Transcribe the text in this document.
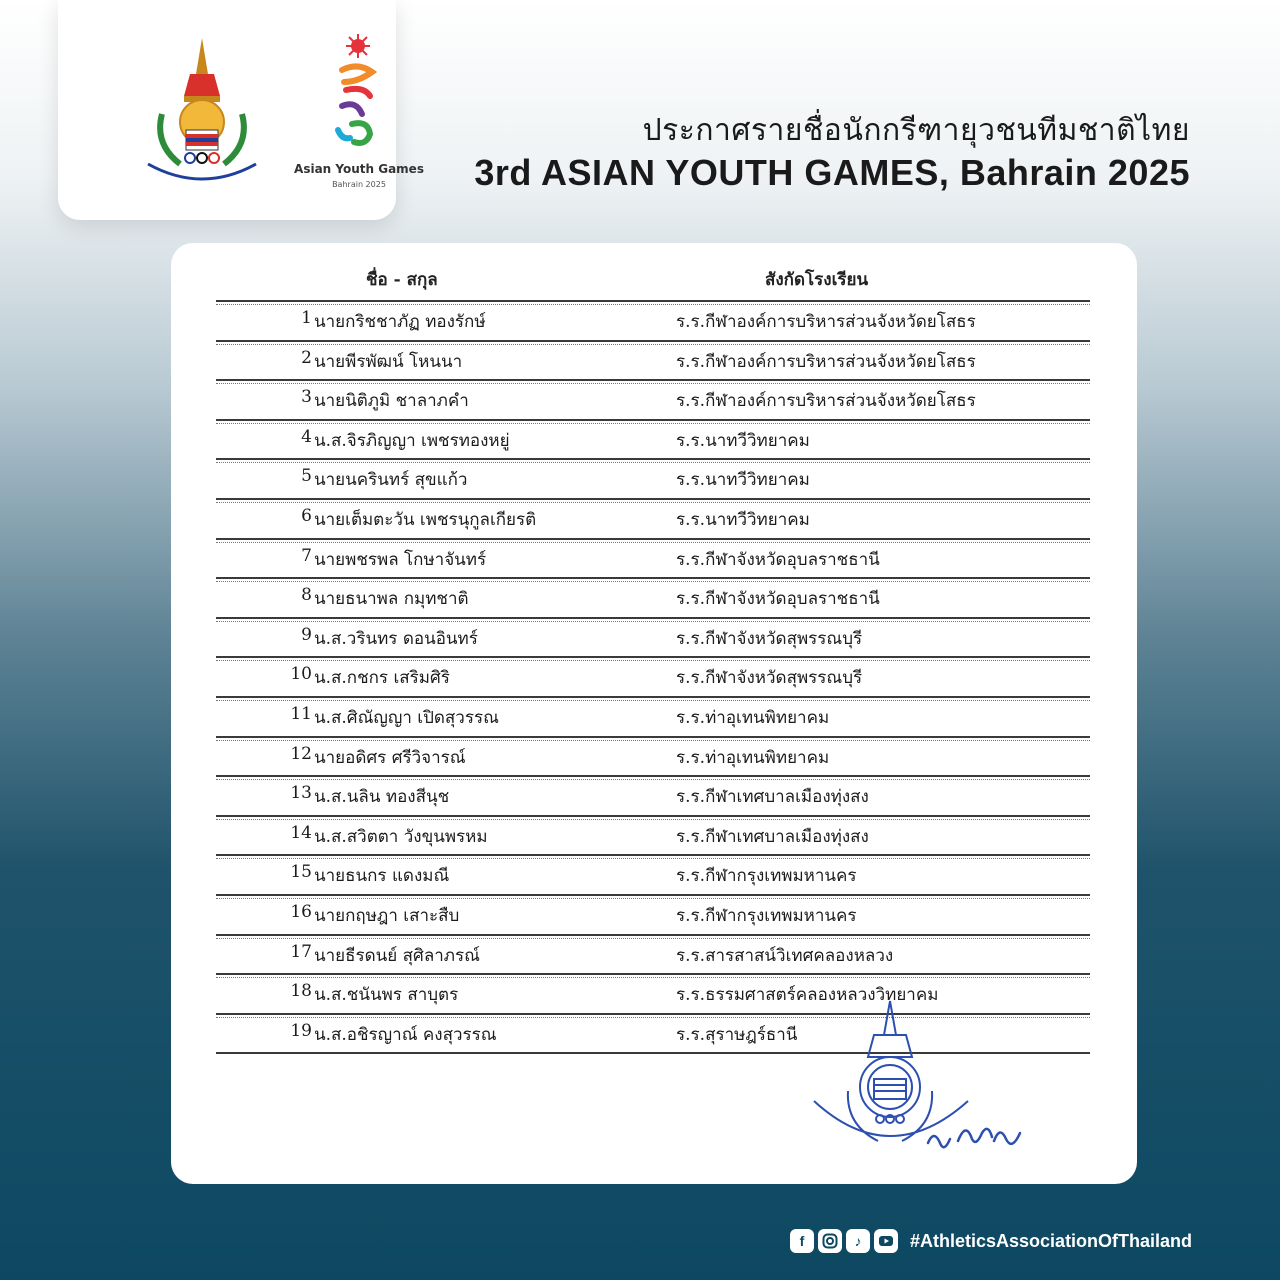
Asian Youth Games
Bahrain 2025
ประกาศรายชื่อนักกรีฑายุวชนทีมชาติไทย
3rd ASIAN YOUTH GAMES, Bahrain 2025
ชื่อ - สกุล	สังกัดโรงเรียน
1 นายกริชชาภัฏ ทองรักษ์	ร.ร.กีฬาองค์การบริหารส่วนจังหวัดยโสธร
2 นายพีรพัฒน์ โหนนา	ร.ร.กีฬาองค์การบริหารส่วนจังหวัดยโสธร
3 นายนิติภูมิ ชาลาภคำ	ร.ร.กีฬาองค์การบริหารส่วนจังหวัดยโสธร
4 น.ส.จิรภิญญา เพชรทองหยู่	ร.ร.นาทวีวิทยาคม
5 นายนครินทร์ สุขแก้ว	ร.ร.นาทวีวิทยาคม
6 นายเต็มตะวัน เพชรนุกูลเกียรติ	ร.ร.นาทวีวิทยาคม
7 นายพชรพล โกษาจันทร์	ร.ร.กีฬาจังหวัดอุบลราชธานี
8 นายธนาพล กมุทชาติ	ร.ร.กีฬาจังหวัดอุบลราชธานี
9 น.ส.วรินทร ดอนอินทร์	ร.ร.กีฬาจังหวัดสุพรรณบุรี
10 น.ส.กชกร เสริมศิริ	ร.ร.กีฬาจังหวัดสุพรรณบุรี
11 น.ส.ศิณัญญา เปิดสุวรรณ	ร.ร.ท่าอุเทนพิทยาคม
12 นายอดิศร ศรีวิจารณ์	ร.ร.ท่าอุเทนพิทยาคม
13 น.ส.นลิน ทองสีนุช	ร.ร.กีฬาเทศบาลเมืองทุ่งสง
14 น.ส.สวิตตา วังขุนพรหม	ร.ร.กีฬาเทศบาลเมืองทุ่งสง
15 นายธนกร แดงมณี	ร.ร.กีฬากรุงเทพมหานคร
16 นายกฤษฎา เสาะสืบ	ร.ร.กีฬากรุงเทพมหานคร
17 นายธีรดนย์ สุศิลาภรณ์	ร.ร.สารสาสน์วิเทศคลองหลวง
18 น.ส.ชนันพร สาบุตร	ร.ร.ธรรมศาสตร์คลองหลวงวิทยาคม
19 น.ส.อชิรญาณ์ คงสุวรรณ	ร.ร.สุราษฎร์ธานี
f	♪	#AthleticsAssociationOfThailand
